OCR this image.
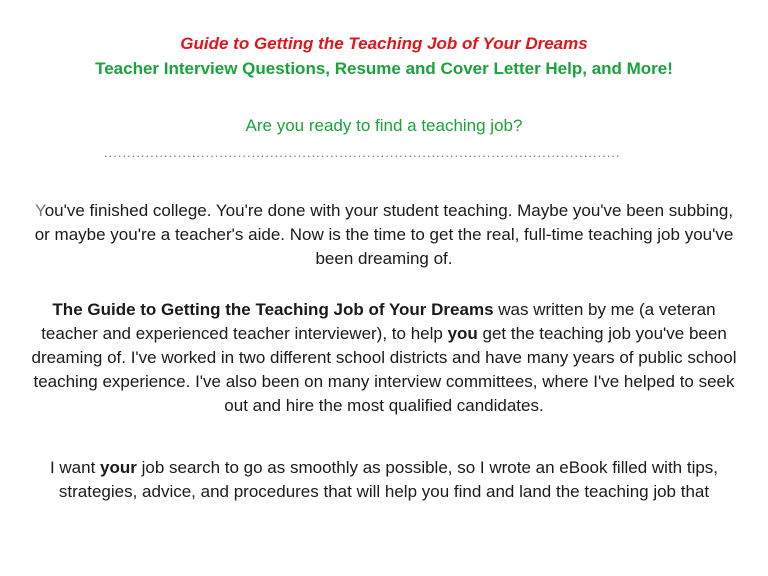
Guide to Getting the Teaching Job of Your Dreams
Teacher Interview Questions, Resume and Cover Letter Help, and More!
Are you ready to find a teaching job?
................................................................................................................
You've finished college. You're done with your student teaching. Maybe you've been subbing, or maybe you're a teacher's aide. Now is the time to get the real, full-time teaching job you've been dreaming of.
The Guide to Getting the Teaching Job of Your Dreams was written by me (a veteran teacher and experienced teacher interviewer), to help you get the teaching job you've been dreaming of. I've worked in two different school districts and have many years of public school teaching experience. I've also been on many interview committees, where I've helped to seek out and hire the most qualified candidates.
I want your job search to go as smoothly as possible, so I wrote an eBook filled with tips, strategies, advice, and procedures that will help you find and land the teaching job that
